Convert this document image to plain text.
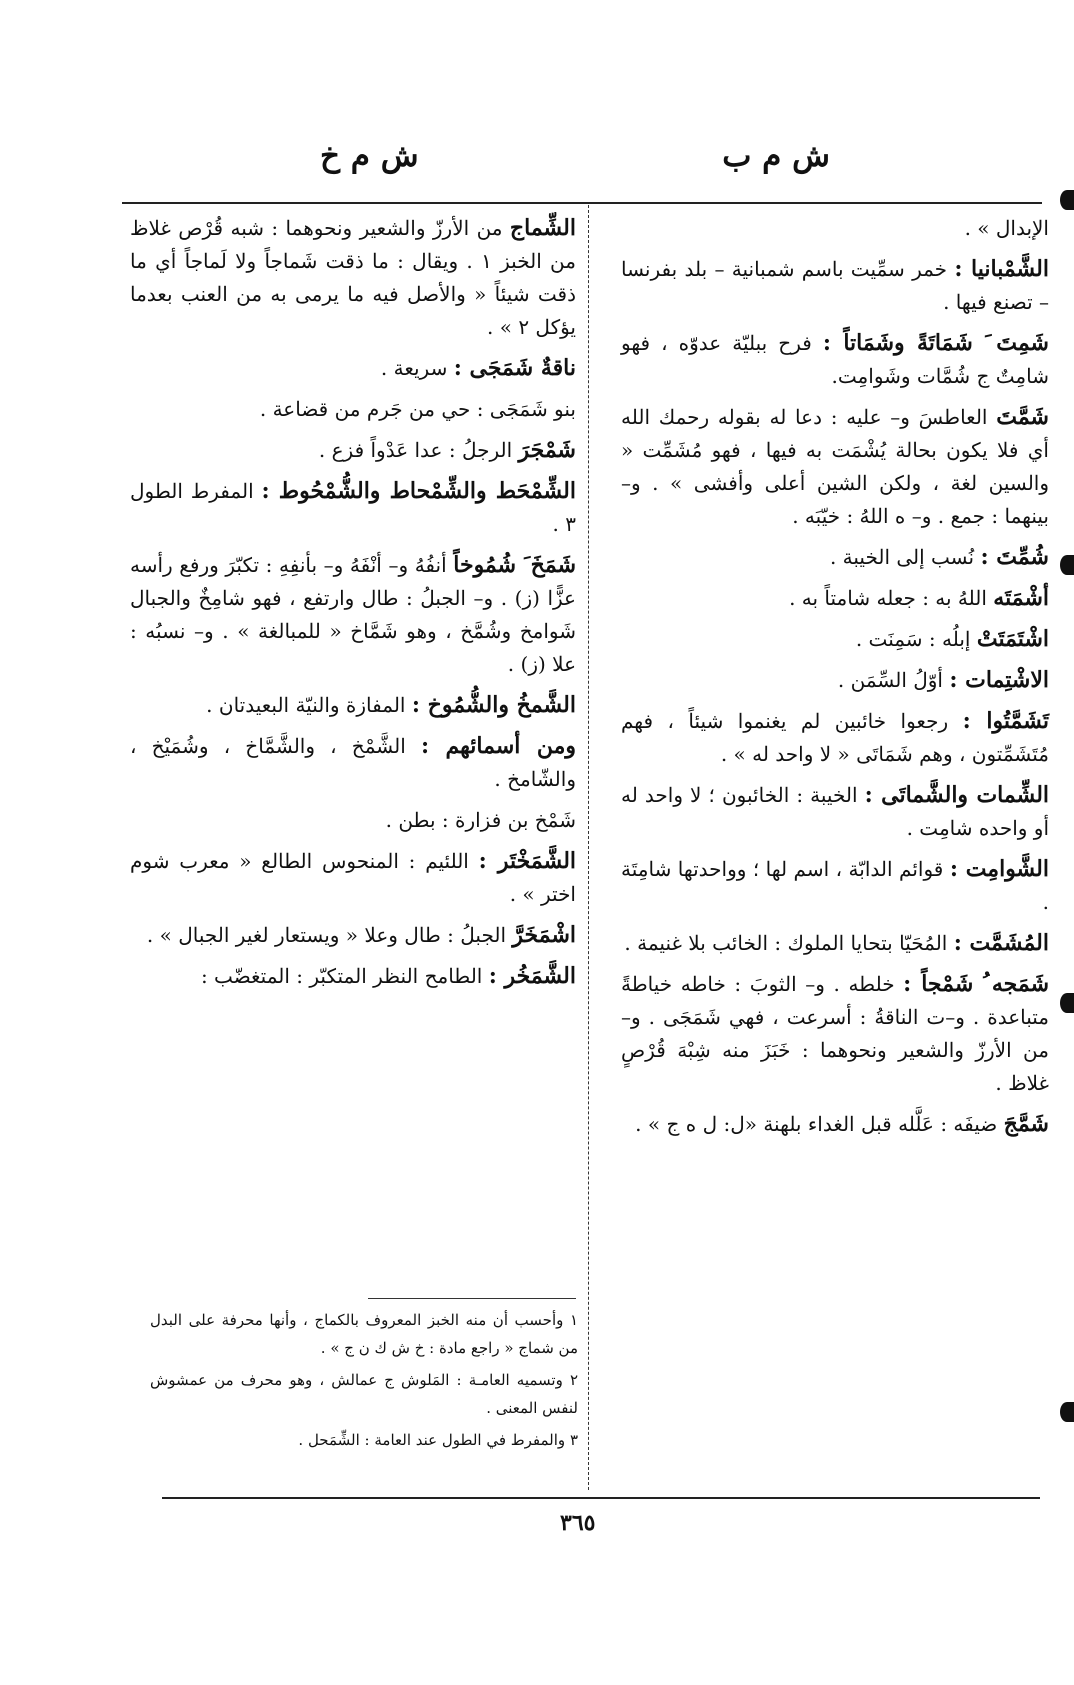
ش م ب
ش م خ

الإبدال » .

الشَّمْبانيا : خمر سمِّيت باسم شمبانية – بلد بفرنسا – تصنع فيها .

شَمِتَ َ شَمَاتَةً وشَمَاتاً : فرح ببليّة عدوّه ، فهو شامِتٌ ج شُمَّات وشَوامِت.

شَمَّتَ العاطسَ و– عليه : دعا له بقوله رحمك الله أي فلا يكون بحالة يُشْمَت به فيها ، فهو مُشَمِّت « والسين لغة ، ولكن الشين أعلى وأفشى » . و– بينهما : جمع . و– ه اللهُ : خيّبَه .

شُمِّتَ : نُسب إلى الخيبة .

أشْمَتَه اللهُ به : جعله شامتاً به .

اشْتَمَتَتْ إبلُه : سَمِنَت .

الاشْتِمات : أوّلُ السِّمَن .

تَشَمَّتُوا : رجعوا خائبين لم يغنموا شيئاً ، فهم مُتَشَمِّتون ، وهم شَمَاتَى « لا واحد له » .

الشِّمات والشَّماتَى : الخيبة : الخائبون ؛ لا واحد له أو واحده شامِت .

الشَّوامِت : قوائم الدابّة ، اسم لها ؛ وواحدتها شامِتَة .

المُشَمَّت : المُحَيّا بتحايا الملوك : الخائب بلا غنيمة .

شَمَجه ُ شَمْجاً : خلطه . و– الثوبَ : خاطه خياطةً متباعدة . و–ت الناقةُ : أسرعت ، فهي شَمَجَى . و– من الأرزّ والشعير ونحوهما : خَبَزَ منه شِبْهَ قُرْصٍ غلاظ .

شَمَّجَ ضيفَه : عَلَّله قبل الغداء بلهنة «ل: ل ه ج » .

الشِّماج من الأرزّ والشعير ونحوهما : شبه قُرْص غلاظ من الخبز ١ . ويقال : ما ذقت شَماجاً ولا لَماجاً أي ما ذقت شيئاً « والأصل فيه ما يرمى به من العنب بعدما يؤكل ٢ » .

ناقةٌ شَمَجَى : سريعة .

بنو شَمَجَى : حي من جَرم من قضاعة .

شَمْجَرَ الرجلُ : عدا عَدْواً فزع .

الشِّمْحَط والشِّمْحاط والشُّمْحُوط : المفرط الطول ٣ .

شَمَخَ َ شُمُوخاً أنفُهُ و– أنْفَهُ و– بأنفِهِ : تكبّرَ ورفع رأسه عزًّا (ز) . و– الجبلُ : طال وارتفع ، فهو شامِخٌ والجبال شَوامخ وشُمَّخ ، وهو شَمَّاخ « للمبالغة » . و– نسبُه : علا (ز) .

الشَّمخُ والشُّمُوخ : المفازة والنيّة البعيدتان .

ومن أسمائهم : الشَّمْخ ، والشَّمَّاخ ، وشُمَيْخ ، والشّامخ .

شَمْخ بن فزارة : بطن .

الشَّمَخْتَر : اللئيم : المنحوس الطالع « معرب شوم اختر » .

اشْمَخَرَّ الجبلُ : طال وعلا « ويستعار لغير الجبال » .

الشَّمَخُر : الطامح النظر المتكبّر : المتغضّب :

١ وأحسب أن منه الخبز المعروف بالكماج ، وأنها محرفة على البدل من شماج « راجع مادة : خ ش ك ن ج » .

٢ وتسميه العامـة : المَلوش ج عمالش ، وهو محرف من عمشوش لنفس المعنى .

٣ والمفرط في الطول عند العامة : الشِّمَحل .

٣٦٥
